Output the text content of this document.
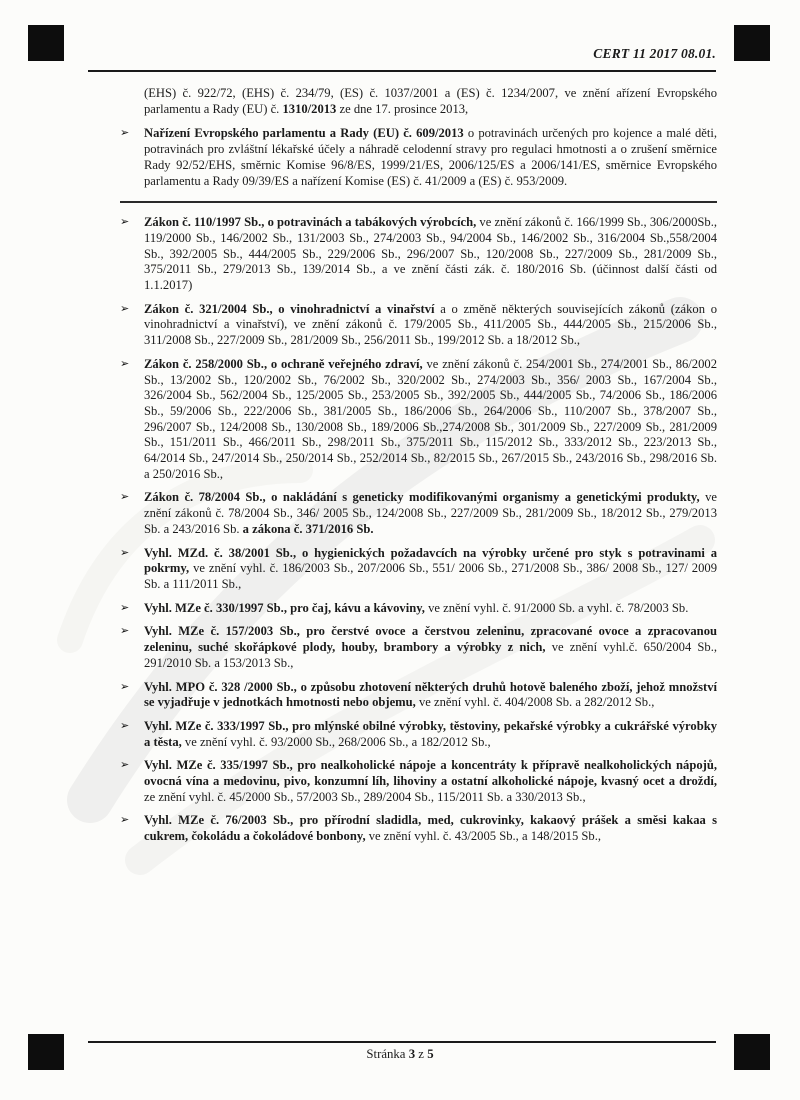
CERT 11 2017 08.01.

(EHS) č. 922/72, (EHS) č. 234/79, (ES) č. 1037/2001 a (ES) č. 1234/2007, ve znění ařízení Evropského parlamentu a Rady (EU) č. 1310/2013 ze dne 17. prosince 2013,

➢	Nařízení Evropského parlamentu a Rady (EU) č. 609/2013 o potravinách určených pro kojence a malé děti, potravinách pro zvláštní lékařské účely a náhradě celodenní stravy pro regulaci hmotnosti a o zrušení směrnice Rady 92/52/EHS, směrnic Komise 96/8/ES, 1999/21/ES, 2006/125/ES a 2006/141/ES, směrnice Evropského parlamentu a Rady 09/39/ES a nařízení Komise (ES) č. 41/2009 a (ES) č. 953/2009.
➢	Zákon č. 110/1997 Sb., o potravinách a tabákových výrobcích, ve znění zákonů č. 166/1999 Sb., 306/2000Sb., 119/2000 Sb., 146/2002 Sb., 131/2003 Sb., 274/2003 Sb., 94/2004 Sb., 146/2002 Sb., 316/2004 Sb.,558/2004 Sb., 392/2005 Sb., 444/2005 Sb., 229/2006 Sb., 296/2007 Sb., 120/2008 Sb., 227/2009 Sb., 281/2009 Sb., 375/2011 Sb., 279/2013 Sb., 139/2014 Sb., a ve znění části zák. č. 180/2016 Sb. (účinnost další části od 1.1.2017)
➢	Zákon č. 321/2004 Sb., o vinohradnictví a vinařství a o změně některých souvisejících zákonů (zákon o vinohradnictví a vinařství), ve znění zákonů č. 179/2005 Sb., 411/2005 Sb., 444/2005 Sb., 215/2006 Sb., 311/2008 Sb., 227/2009 Sb., 281/2009 Sb., 256/2011 Sb., 199/2012 Sb. a 18/2012 Sb.,
➢	Zákon č. 258/2000 Sb., o ochraně veřejného zdraví, ve znění zákonů č. 254/2001 Sb., 274/2001 Sb., 86/2002 Sb., 13/2002 Sb., 120/2002 Sb., 76/2002 Sb., 320/2002 Sb., 274/2003 Sb., 356/ 2003 Sb., 167/2004 Sb., 326/2004 Sb., 562/2004 Sb., 125/2005 Sb., 253/2005 Sb., 392/2005 Sb., 444/2005 Sb., 74/2006 Sb., 186/2006 Sb., 59/2006 Sb., 222/2006 Sb., 381/2005 Sb., 186/2006 Sb., 264/2006 Sb., 110/2007 Sb., 378/2007 Sb., 296/2007 Sb., 124/2008 Sb., 130/2008 Sb., 189/2006 Sb.,274/2008 Sb., 301/2009 Sb., 227/2009 Sb., 281/2009 Sb., 151/2011 Sb., 466/2011 Sb., 298/2011 Sb., 375/2011 Sb., 115/2012 Sb., 333/2012 Sb., 223/2013 Sb., 64/2014 Sb., 247/2014 Sb., 250/2014 Sb., 252/2014 Sb., 82/2015 Sb., 267/2015 Sb., 243/2016 Sb., 298/2016 Sb. a 250/2016 Sb.,
➢	Zákon č. 78/2004 Sb., o nakládání s geneticky modifikovanými organismy a genetickými produkty, ve znění zákonů č. 78/2004 Sb., 346/ 2005 Sb., 124/2008 Sb., 227/2009 Sb., 281/2009 Sb., 18/2012 Sb., 279/2013 Sb. a 243/2016 Sb. a zákona č. 371/2016 Sb.
➢	Vyhl. MZd. č. 38/2001 Sb., o hygienických požadavcích na výrobky určené pro styk s potravinami a pokrmy, ve znění vyhl. č. 186/2003 Sb., 207/2006 Sb., 551/ 2006 Sb., 271/2008 Sb., 386/ 2008 Sb., 127/ 2009 Sb. a 111/2011 Sb.,
➢	Vyhl. MZe č. 330/1997 Sb., pro čaj, kávu a kávoviny, ve znění vyhl. č. 91/2000 Sb. a vyhl. č. 78/2003 Sb.
➢	Vyhl. MZe č. 157/2003 Sb., pro čerstvé ovoce a čerstvou zeleninu, zpracované ovoce a zpracovanou zeleninu, suché skořápkové plody, houby, brambory a výrobky z nich, ve znění vyhl.č. 650/2004 Sb., 291/2010 Sb. a 153/2013 Sb.,
➢	Vyhl. MPO č. 328 /2000 Sb., o způsobu zhotovení některých druhů hotově baleného zboží, jehož množství se vyjadřuje v jednotkách hmotnosti nebo objemu, ve znění vyhl. č. 404/2008 Sb. a 282/2012 Sb.,
➢	Vyhl. MZe č. 333/1997 Sb., pro mlýnské obilné výrobky, těstoviny, pekařské výrobky a cukrářské výrobky a těsta, ve znění vyhl. č. 93/2000 Sb., 268/2006 Sb., a 182/2012 Sb.,
➢	Vyhl. MZe č. 335/1997 Sb., pro nealkoholické nápoje a koncentráty k přípravě nealkoholických nápojů, ovocná vína a medovinu, pivo, konzumní líh, lihoviny a ostatní alkoholické nápoje, kvasný ocet a droždí, ze znění vyhl. č. 45/2000 Sb., 57/2003 Sb., 289/2004 Sb., 115/2011 Sb. a 330/2013 Sb.,
➢	Vyhl. MZe č. 76/2003 Sb., pro přírodní sladidla, med, cukrovinky, kakaový prášek a směsi kakaa s cukrem, čokoládu a čokoládové bonbony, ve znění vyhl. č. 43/2005 Sb., a 148/2015 Sb.,
Stránka 3 z 5
